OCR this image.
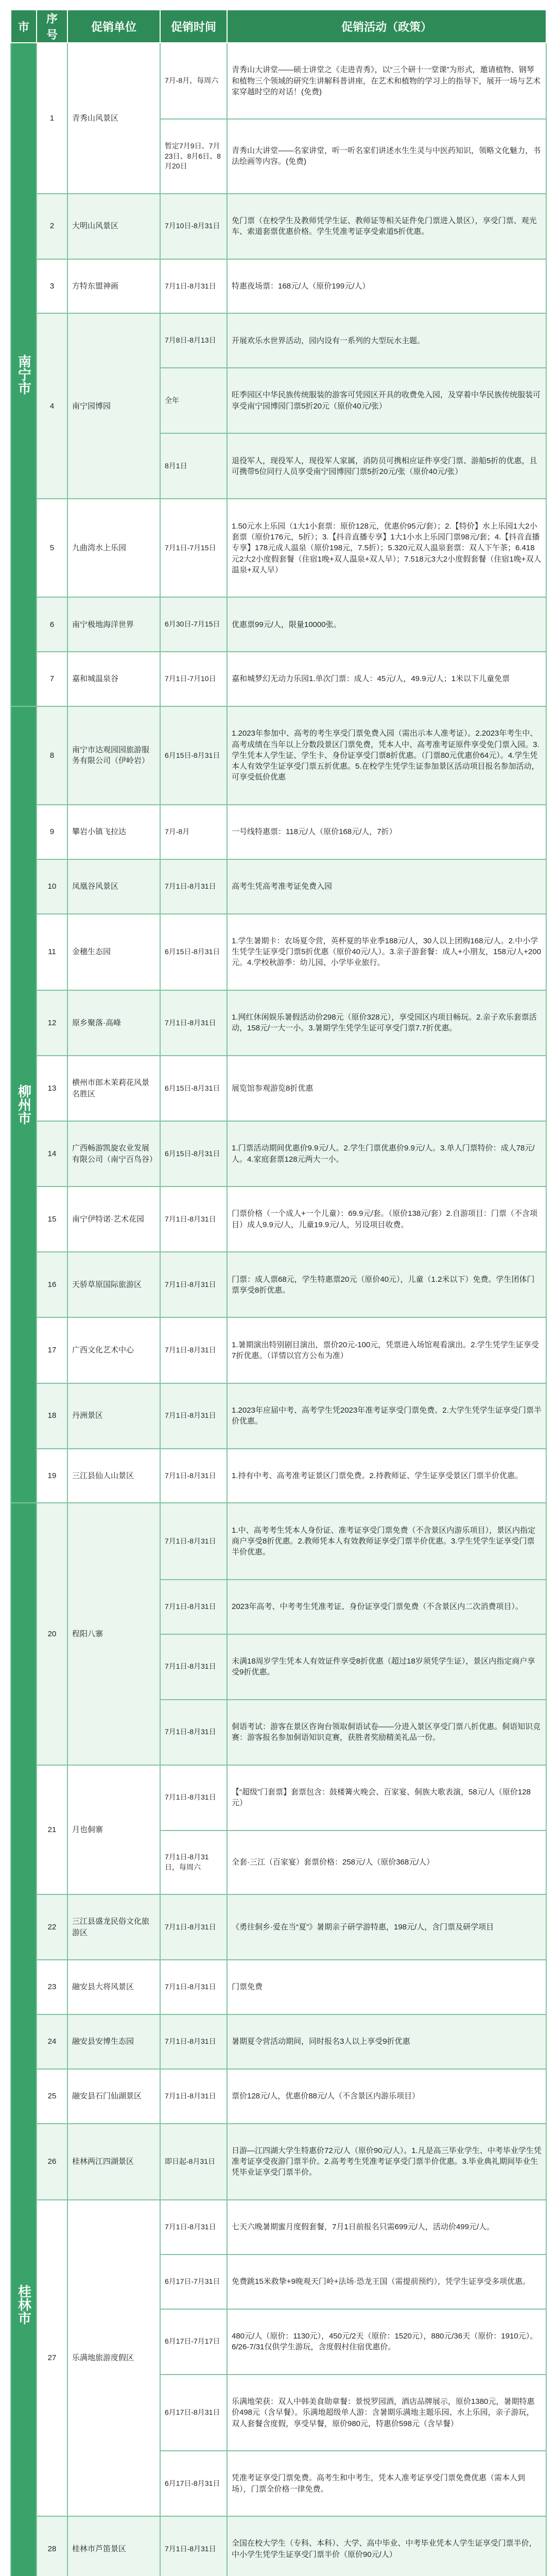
市	序号	促销单位	促销时间	促销活动（政策）
南宁市	1	青秀山风景区	7月-8月，每周六	青秀山大讲堂——硕士讲堂之《走进青秀》，以“三个研十一堂课”为形式，邀请植物、钢琴和植物三个领域的研究生讲解科普讲座，在艺术和植物的学习上的指导下，展开一场与艺术家穿越时空的对话！(免费)
			暂定7月9日、7月23日、8月6日、8月20日	青秀山大讲堂——名家讲堂，听一听名家们讲述水生生灵与中医药知识，领略文化魅力，书法绘画等内容。(免费)
	2	大明山风景区	7月10日-8月31日	免门票（在校学生及教师凭学生证、教师证等相关证件免门票进入景区），享受门票、观光车、索道套票优惠价格。学生凭准考证享受索道5折优惠。
	3	方特东盟神画	7月1日-8月31日	特惠夜场票：168元/人（原价199元/人）
	4	南宁园博园	7月8日-8月13日	开展欢乐水世界活动，园内设有一系列的大型玩水主题。
			全年	旺季园区中华民族传统服装的游客可凭园区开具的收费免入园，及穿着中华民族传统服装可享受南宁园博园门票5折20元（原价40元/张）
			8月1日	退役军人，现役军人，现役军人家属，消防员可携相应证件享受门票、游船5折的优惠，且可携带5位同行人员享受南宁园博园门票5折20元/张（原价40元/张）
	5	九曲湾水上乐园	7月1日-7月15日	1.50元水上乐园（1大1小套票：原价128元，优惠价95元/套）；2.【特价】水上乐园1大2小套票（原价176元，5折）；3.【抖音直播专享】1大1小水上乐园门票98元/套；4.【抖音直播专享】178元成人温泉（原价198元，7.5折）；5.320元双人温泉套票：双人下午茶；6.418元2大2小度假套餐（住宿1晚+双人温泉+双人早）；7.518元3大2小度假套餐（住宿1晚+双人温泉+双人早）
	6	南宁极地海洋世界	6月30日-7月15日	优惠票99元/人，限量10000张。
	7	嘉和城温泉谷	7月1日-7月10日	嘉和城梦幻无动力乐园1.单次门票：成人：45元/人，49.9元/人；1米以下儿童免票
柳州市	8	南宁市达观园园旅游服务有限公司（伊岭岩）	6月15日-8月31日	1.2023年参加中、高考的考生享受门票免费入园（需出示本人准考证）。2.2023年考生中、高考成绩在当年以上分数段景区门票免费，凭本人中、高考准考证原件享受免门票入园。3.学生凭本人学生证、学生卡、身份证享受门票8折优惠。（门票80元优惠价64元）。4.学生凭本人有效学生证享受门票五折优惠。5.在校学生凭学生证参加景区活动项目报名参加活动，可享受低价优惠
	9	攀岩小镇飞拉达	7月-8月	一号线特惠票：118元/人（原价168元/人，7折）
	10	凤凰谷风景区	7月1日-8月31日	高考生凭高考准考证免费入园
	11	金穗生态园	6月15日-8月31日	1.学生暑期卡：农场夏令营，英杯夏的毕业季188元/人，30人以上团购168元/人。2.中小学生凭学生证享受门票5折优惠（原价40元/人）。3.亲子游套餐：成人+小朋友，158元/人+200元。4.学校秋游季：幼儿园、小学毕业旅行。
	12	原乡聚落·高峰	7月1日-8月31日	1.网红休闲娱乐暑假活动价298元（原价328元），享受园区内项目畅玩。2.亲子欢乐套票活动，158元/一大一小。3.暑期学生凭学生证可享受门票7.7折优惠。
	13	横州市郎木茉莉花风景名胜区	6月15日-8月31日	展览馆参观游览8折优惠
	14	广西畅游凯旋农业发展有限公司（南宁百鸟谷）	6月15日-8月31日	1.门票活动期间优惠价9.9元/人。2.学生门票优惠价9.9元/人。3.单人门票特价：成人78元/人。4.家庭套票128元两大一小。
	15	南宁伊特诺·艺术花园	7月1日-8月31日	门票价格（一个成人+一个儿童）：69.9元/套。（原价138元/套）2.自游项目：门票（不含项目）成人9.9元/人，儿童19.9元/人，另设项目收费。
	16	天骄草原国际旅游区	7月1日-8月31日	门票：成人票68元，学生特惠票20元（原价40元），儿童（1.2米以下）免费。学生团体门票享受8折优惠。
	17	广西文化艺术中心	7月1日-8月31日	1.暑期演出特别剧目演出，票价20元-100元，凭票进入场馆观看演出。2.学生凭学生证享受7折优惠。（详情以官方公布为准）
	18	丹洲景区	7月1日-8月31日	1.2023年应届中考、高考学生凭2023年准考证享受门票免费。2.大学生凭学生证享受门票半价优惠。
	19	三江县仙人山景区	7月1日-8月31日	1.持有中考、高考准考证景区门票免费。2.持教师证、学生证享受景区门票半价优惠。
桂林市	20	程阳八寨	7月1日-8月31日	1.中、高考考生凭本人身份证、准考证享受门票免费（不含景区内游乐项目），景区内指定商户享受8折优惠。2.教师凭本人有效教师证享受门票半价优惠。3.学生凭学生证享受门票半价优惠。
			7月1日-8月31日	2023年高考、中考考生凭准考证、身份证享受门票免费（不含景区内二次消费项目）。
			7月1日-8月31日	未满18周岁学生凭本人有效证件享受8折优惠（超过18岁须凭学生证），景区内指定商户享受9折优惠。
			7月1日-8月31日	侗语考试：游客在景区咨询台领取侗语试卷——分进入景区享受门票八折优惠。侗语知识竞赛：游客报名参加侗语知识竞赛，获胜者奖励精美礼品一份。
	21	月也侗寨	7月1日-8月31日	【“超级”门套票】套票包含：鼓楼篝火晚会、百家宴、侗族大歌表演，58元/人（原价128元）
			7月1日-8月31日，每周六	全套·三江（百家宴）套票价格：258元/人（原价368元/人）
	22	三江县盛龙民俗文化旅游区	7月1日-8月31日	《勇往侗乡·爱在当“夏”》暑期亲子研学游特惠，198元/人，含门票及研学项目
	23	融安县大将风景区	7月1日-8月31日	门票免费
	24	融安县安博生态园	7月1日-8月31日	暑期夏令营活动期间，同时报名3人以上享受9折优惠
	25	融安县石门仙湖景区	7月1日-8月31日	票价128元/人，优惠价88元/人（不含景区内游乐项目）
	26	桂林两江四湖景区	即日起-8月31日	日游—江四湖大学生特惠价72元/人（原价90元/人）。1.凡是高三毕业学生、中考毕业学生凭准考证享受夜游门票半价。2.高考考生凭准考证享受门票半价优惠。3.毕业典礼期间毕业生凭毕业证享受门票半价。
	27	乐满地旅游度假区	7月1日-8月31日	七天六晚暑期蜜月度假套餐，7月1日前报名只需699元/人，活动价499元/人。
			6月17日-7月31日	免费跳15米救挚+9晚观天门岭+法场·恐龙王国（需提前预约），凭学生证享受多项优惠。
			6月17日-7月17日	480元/人（原价：1130元），450元/2天（原价：1520元），880元/36天（原价：1910元）。6/26-7/31仅供学生游玩，含度假村住宿优惠价。
			6月17日-8月31日	乐满地荣获：双人中韩美食勋章餐：景悦罗园酒，酒店品牌展示，原价1380元，暑期特惠价498元（含早餐）。乐满地超级单人游：含暑期乐满地主题乐园、水上乐园，亲子游玩，双人套餐含度假，享受早餐，原价980元，特惠价598元（含早餐）
			6月17日-8月31日	凭准考证享受门票免费。高考生和中考生，凭本人准考证享受门票免费优惠（需本人到场），门票全价格一律免费。
	28	桂林市芦笛景区	7月1日-8月31日	全国在校大学生（专科、本科）、大学、高中毕业、中考毕业凭本人学生证享受门票半价，中小学生凭学生证享受门票半价（原价90元/人）
